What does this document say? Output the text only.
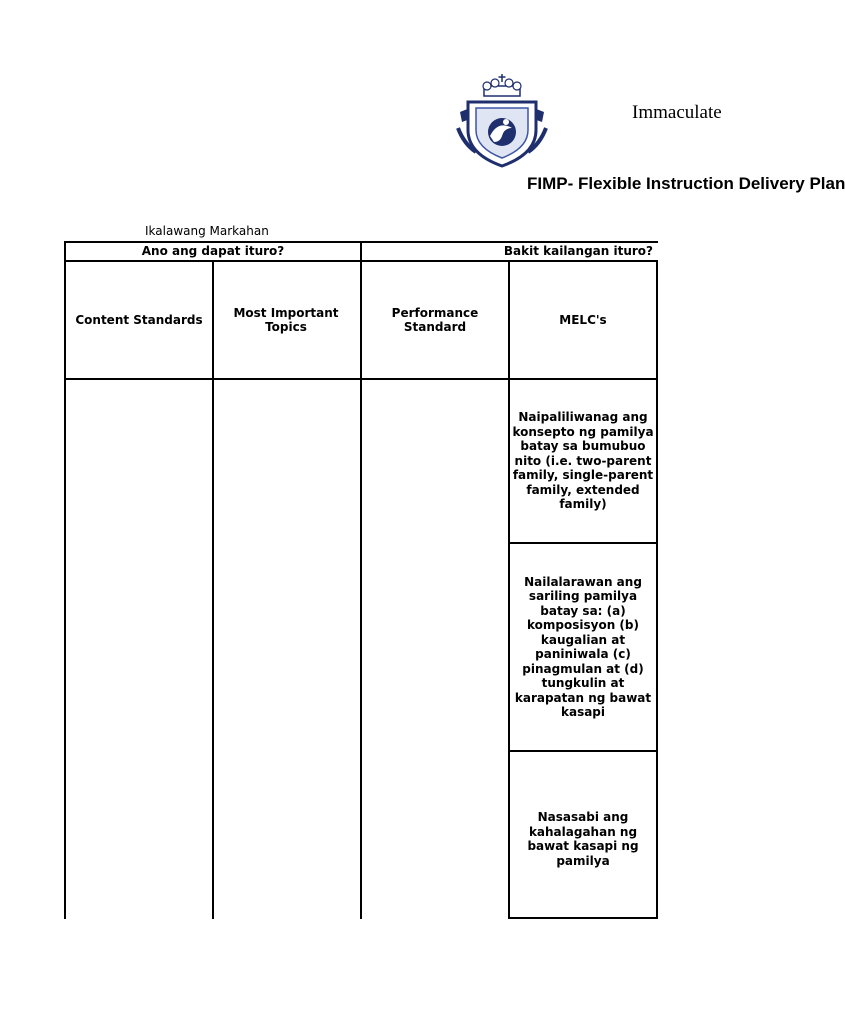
Immaculate
FIMP- Flexible Instruction Delivery Plan
Ikalawang Markahan
Ano ang dapat ituro?	Bakit kailangan ituro?
Content Standards
Most Important Topics
Performance Standard
MELC's
Naipaliliwanag ang konsepto ng pamilya batay sa bumubuo nito (i.e. two-parent family, single-parent family, extended family)
Nailalarawan ang sariling pamilya batay sa: (a) komposisyon (b) kaugalian at paniniwala (c) pinagmulan at (d) tungkulin at karapatan ng bawat kasapi
Nasasabi ang kahalagahan ng bawat kasapi ng pamilya
